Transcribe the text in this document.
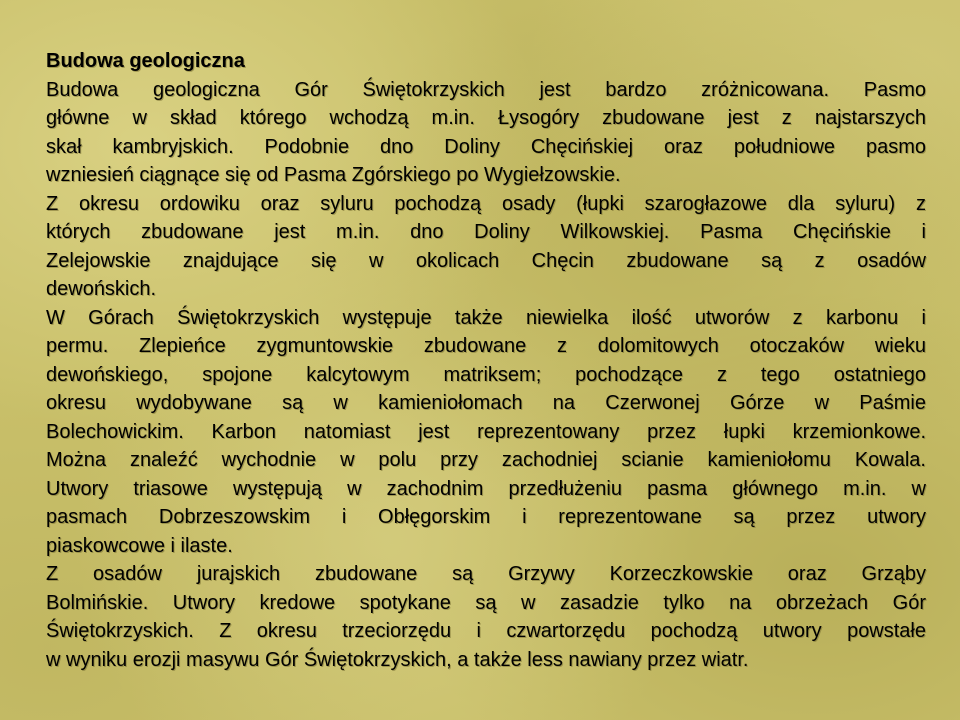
Budowa geologiczna
Budowa geologiczna Gór Świętokrzyskich jest bardzo zróżnicowana. Pasmo
główne w skład którego wchodzą m.in. Łysogóry zbudowane jest z najstarszych
skał kambryjskich. Podobnie dno Doliny Chęcińskiej oraz południowe pasmo
wzniesień ciągnące się od Pasma Zgórskiego po Wygiełzowskie.
Z okresu ordowiku oraz syluru pochodzą osady (łupki szarogłazowe dla syluru) z
których zbudowane jest m.in. dno Doliny Wilkowskiej. Pasma Chęcińskie i
Zelejowskie znajdujące się w okolicach Chęcin zbudowane są z osadów
dewońskich.
W Górach Świętokrzyskich występuje także niewielka ilość utworów z karbonu i
permu. Zlepieńce zygmuntowskie zbudowane z dolomitowych otoczaków wieku
dewońskiego, spojone kalcytowym matriksem; pochodzące z tego ostatniego
okresu wydobywane są w kamieniołomach na Czerwonej Górze w Paśmie
Bolechowickim. Karbon natomiast jest reprezentowany przez łupki krzemionkowe.
Można znaleźć wychodnie w polu przy zachodniej scianie kamieniołomu Kowala.
Utwory triasowe występują w zachodnim przedłużeniu pasma głównego m.in. w
pasmach Dobrzeszowskim i Obłęgorskim i reprezentowane są przez utwory
piaskowcowe i ilaste.
Z osadów jurajskich zbudowane są Grzywy Korzeczkowskie oraz Grząby
Bolmińskie. Utwory kredowe spotykane są w zasadzie tylko na obrzeżach Gór
Świętokrzyskich. Z okresu trzeciorzędu i czwartorzędu pochodzą utwory powstałe
w wyniku erozji masywu Gór Świętokrzyskich, a także less nawiany przez wiatr.
